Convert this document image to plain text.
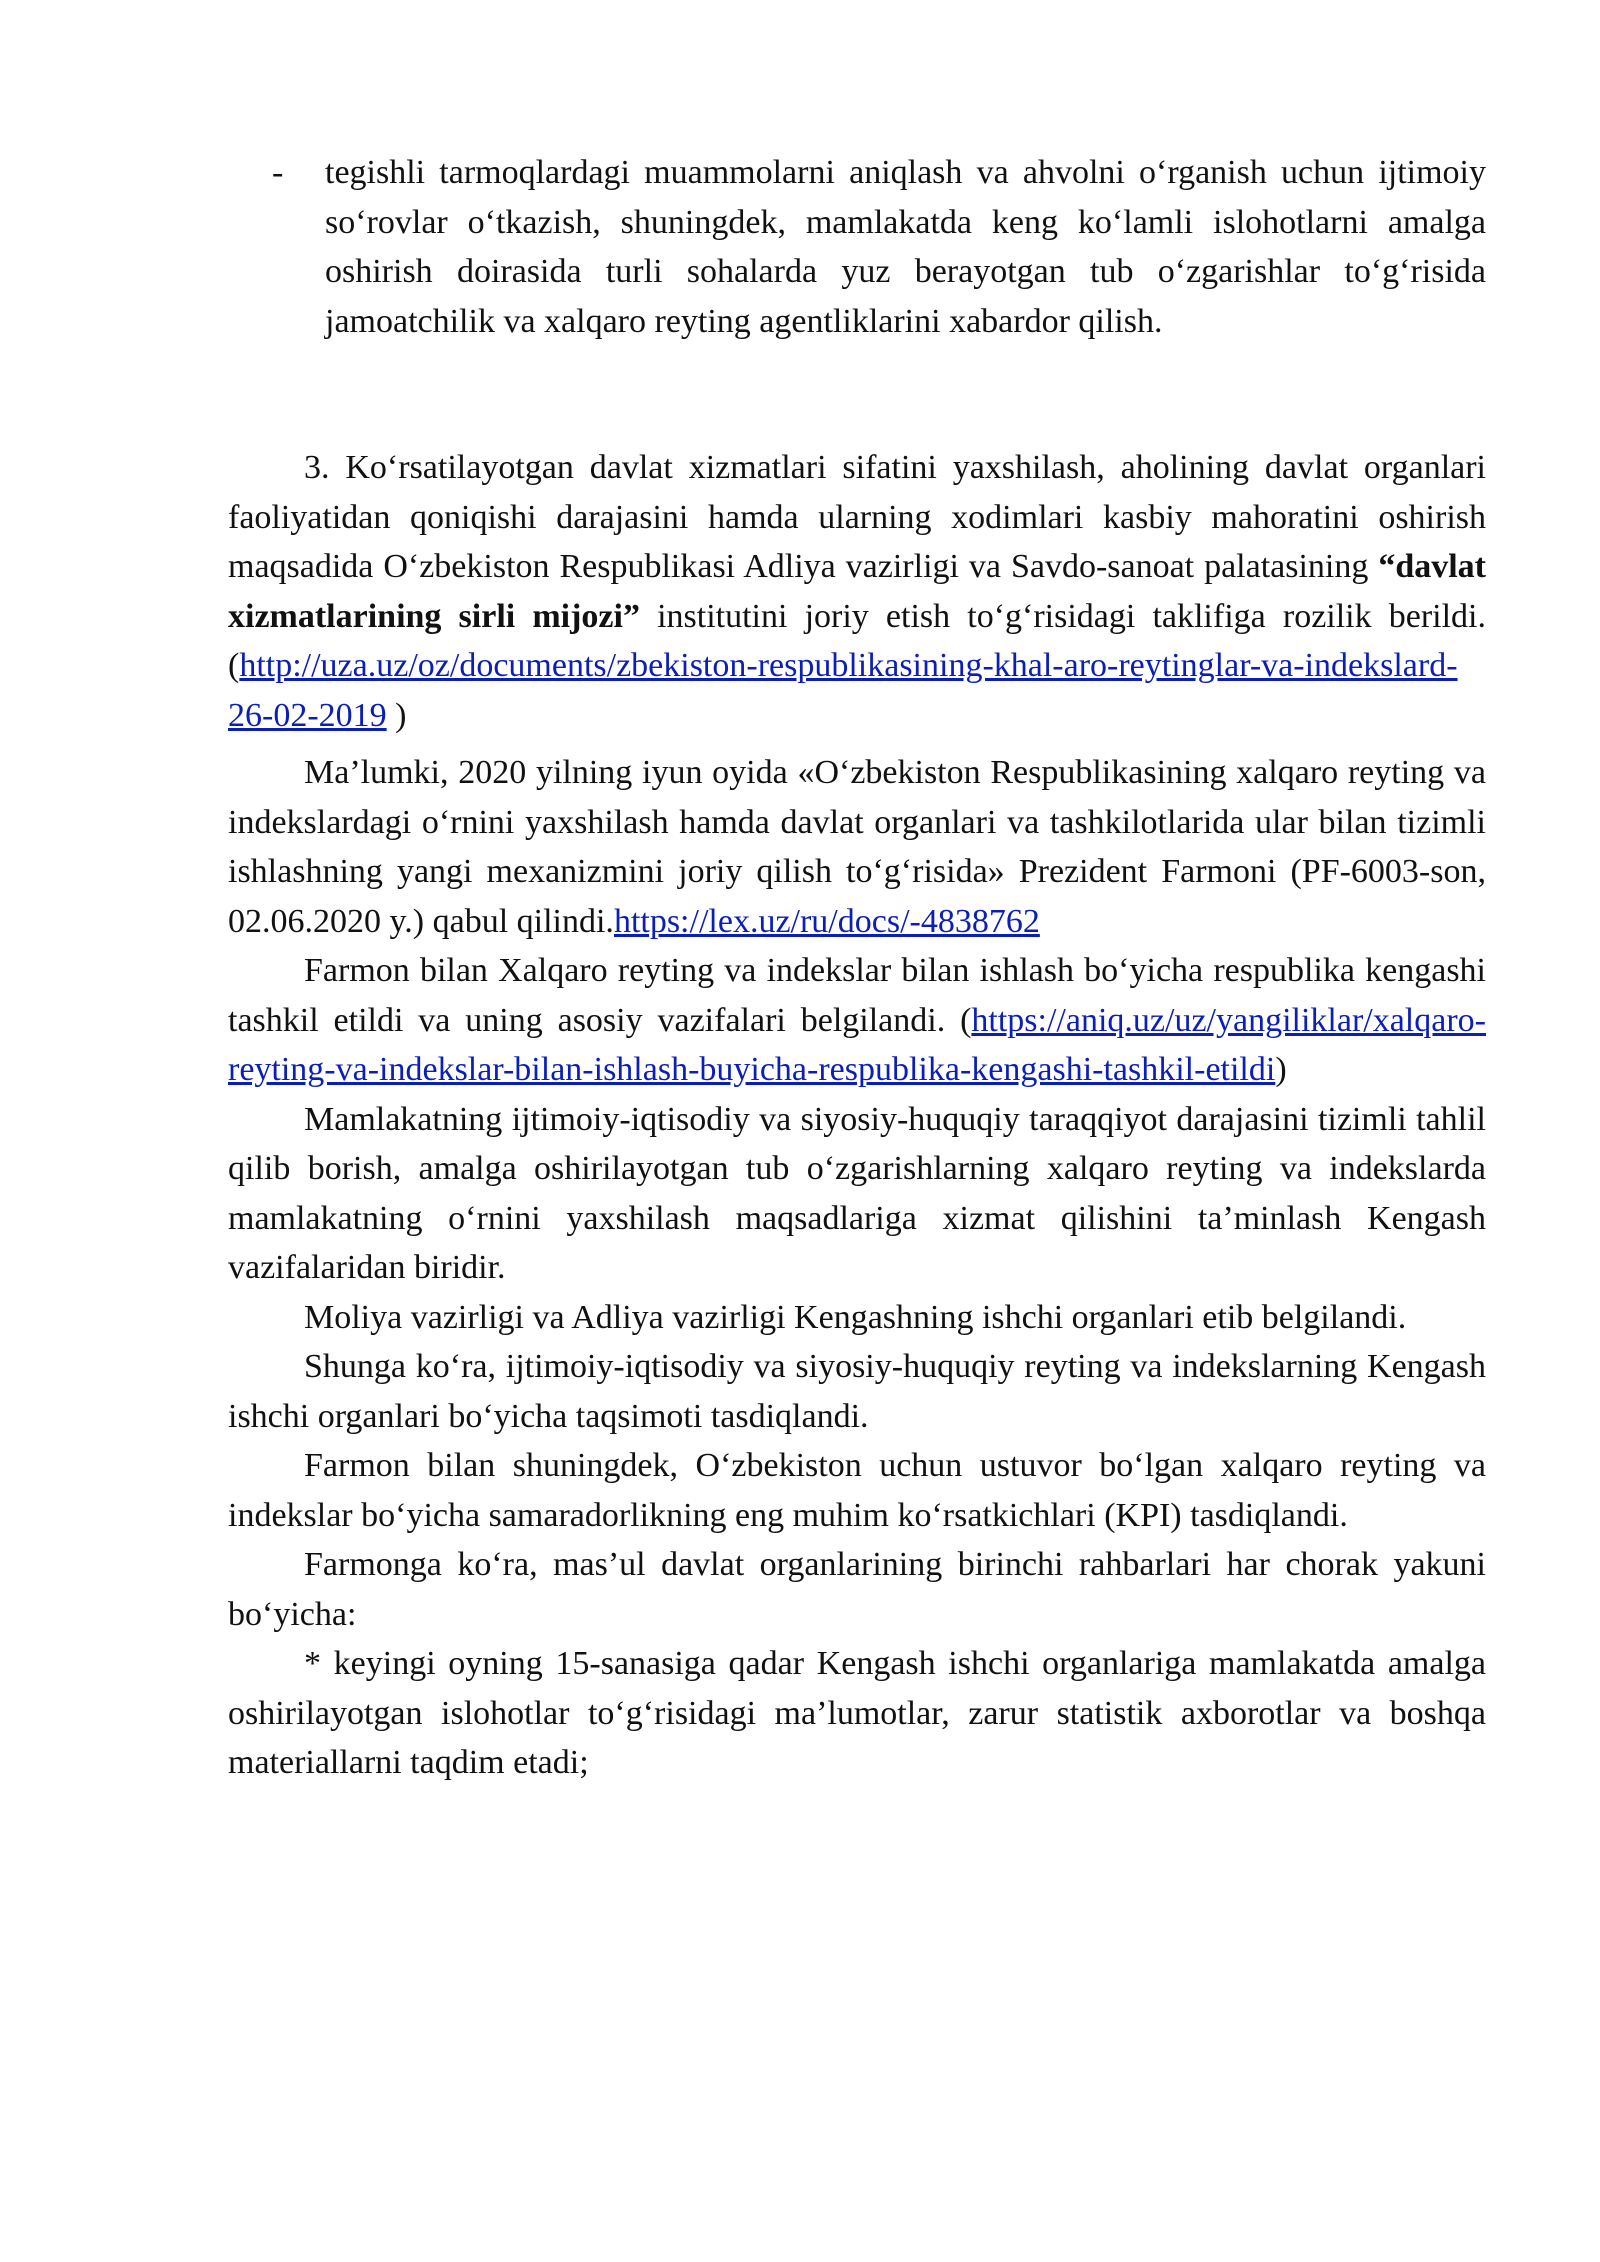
-	tegishli tarmoqlardagi muammolarni aniqlash va ahvolni o‘rganish uchun ijtimoiy so‘rovlar o‘tkazish, shuningdek, mamlakatda keng ko‘lamli islohotlarni amalga oshirish doirasida turli sohalarda yuz berayotgan tub o‘zgarishlar to‘g‘risida jamoatchilik va xalqaro reyting agentliklarini xabardor qilish.

3. Ko‘rsatilayotgan davlat xizmatlari sifatini yaxshilash, aholining davlat organlari faoliyatidan qoniqishi darajasini hamda ularning xodimlari kasbiy mahoratini oshirish maqsadida O‘zbekiston Respublikasi Adliya vazirligi va Savdo-sanoat palatasining “davlat xizmatlarining sirli mijozi” institutini joriy etish to‘g‘risidagi taklifiga rozilik berildi.(http://uza.uz/oz/documents/zbekiston-respublikasining-khal-aro-reytinglar-va-indekslard-26-02-2019 )

Ma’lumki, 2020 yilning iyun oyida «O‘zbekiston Respublikasining xalqaro reyting va indekslardagi o‘rnini yaxshilash hamda davlat organlari va tashkilotlarida ular bilan tizimli ishlashning yangi mexanizmini joriy qilish to‘g‘risida» Prezident Farmoni (PF-6003-son, 02.06.2020 y.) qabul qilindi.https://lex.uz/ru/docs/-4838762

Farmon bilan Xalqaro reyting va indekslar bilan ishlash bo‘yicha respublika kengashi tashkil etildi va uning asosiy vazifalari belgilandi. (https://aniq.uz/uz/yangiliklar/xalqaro-reyting-va-indekslar-bilan-ishlash-buyicha-respublika-kengashi-tashkil-etildi)

Mamlakatning ijtimoiy-iqtisodiy va siyosiy-huquqiy taraqqiyot darajasini tizimli tahlil qilib borish, amalga oshirilayotgan tub o‘zgarishlarning xalqaro reyting va indekslarda mamlakatning o‘rnini yaxshilash maqsadlariga xizmat qilishini ta’minlash Kengash vazifalaridan biridir.

Moliya vazirligi va Adliya vazirligi Kengashning ishchi organlari etib belgilandi.

Shunga ko‘ra, ijtimoiy-iqtisodiy va siyosiy-huquqiy reyting va indekslarning Kengash ishchi organlari bo‘yicha taqsimoti tasdiqlandi.

Farmon bilan shuningdek, O‘zbekiston uchun ustuvor bo‘lgan xalqaro reyting va indekslar bo‘yicha samaradorlikning eng muhim ko‘rsatkichlari (KPI) tasdiqlandi.

Farmonga ko‘ra, mas’ul davlat organlarining birinchi rahbarlari har chorak yakuni bo‘yicha:

* keyingi oyning 15-sanasiga qadar Kengash ishchi organlariga mamlakatda amalga oshirilayotgan islohotlar to‘g‘risidagi ma’lumotlar, zarur statistik axborotlar va boshqa materiallarni taqdim etadi;
